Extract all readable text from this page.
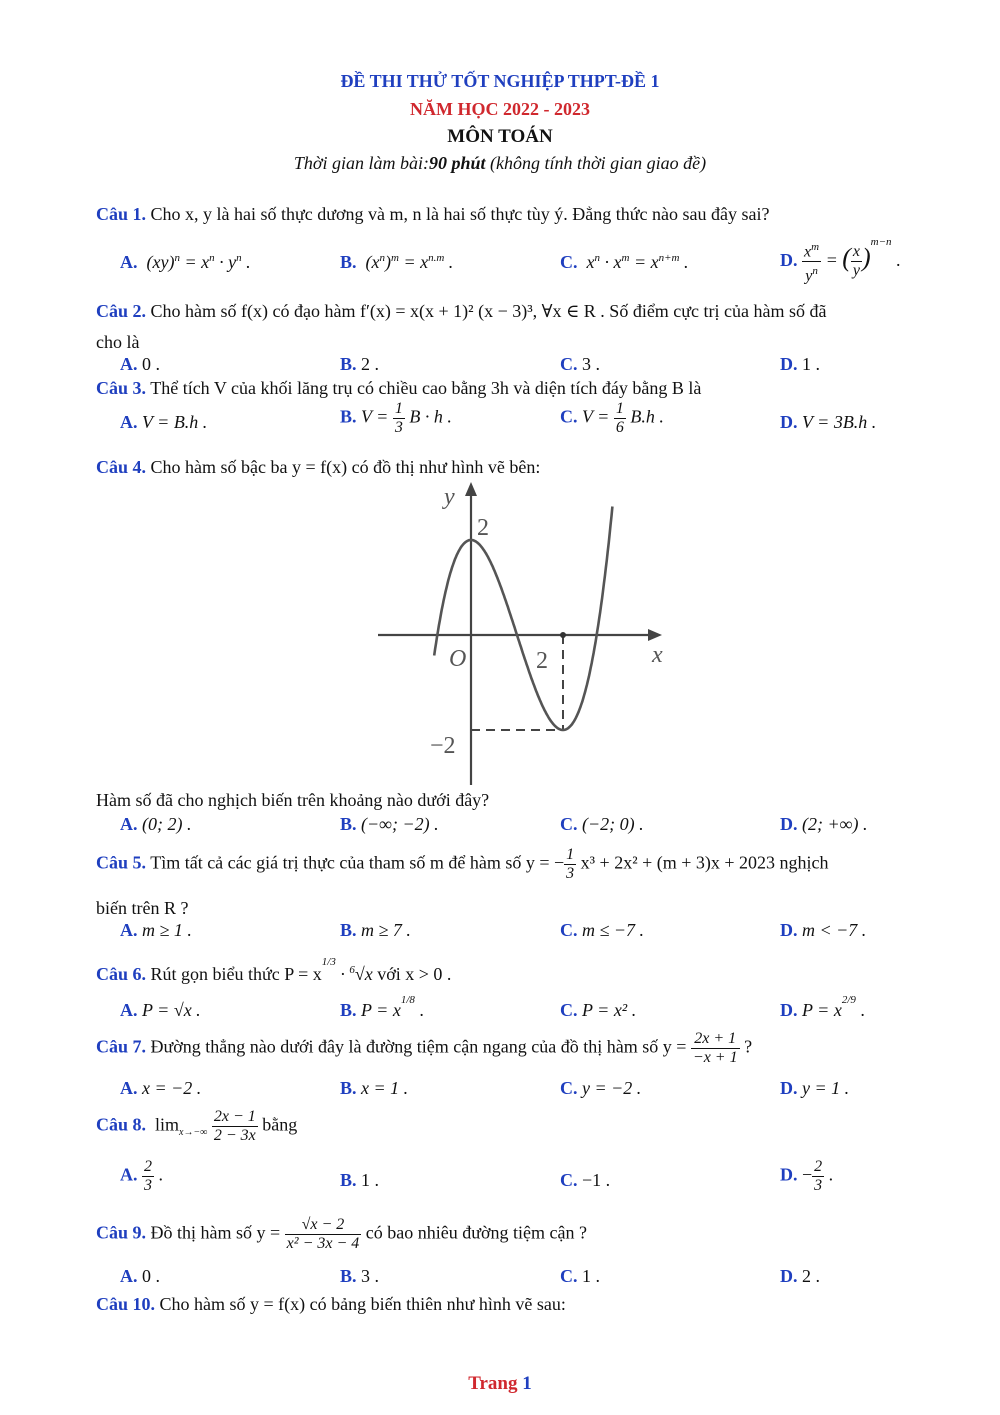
ĐỀ THI THỬ TỐT NGHIỆP THPT-ĐỀ 1
NĂM HỌC 2022 - 2023
MÔN TOÁN
Thời gian làm bài:90 phút (không tính thời gian giao đề)
Câu 1. Cho x, y là hai số thực dương và m, n là hai số thực tùy ý. Đẳng thức nào sau đây sai?
A.  $(xy)^n = x^n \cdot y^n$ .	B.  $(x^n)^m = x^{n.m}$ .	C.  $x^n \cdot x^m = x^{n+m}$ .	D. $\frac{x^m}{y^n}$ = ( $\frac{x}{y} )^{m-n}$ .
Câu 2. Cho hàm số f(x) có đạo hàm f′(x) = x(x + 1)² (x − 3)³, ∀x ∈ R . Số điểm cực trị của hàm số đã
cho là
A. 0 .	B. 2 .	C. 3 .	D. 1 .
Câu 3. Thể tích V của khối lăng trụ có chiều cao bằng 3h và diện tích đáy bằng B là
A. V = B.h .	B. $V = \frac{1}{3}$ B · h .	C. $V = \frac{1}{6} B.h$ .	D. V = 3B.h .
Câu 4. Cho hàm số bậc ba y = f(x) có đồ thị như hình vẽ bên:
y
x
O
2
2
−2
Hàm số đã cho nghịch biến trên khoảng nào dưới đây?
A. (0; 2) .	B. (−∞; −2) .	C. (−2; 0) .	D. (2; +∞) .
Câu 5. Tìm tất cả các giá trị thực của tham số m để hàm số y = − $\frac{1}{3} x^3 + 2x^2 + (m + 3)x + 2023$ nghịch
biến trên R ?
A. m ≥ 1 .	B. m ≥ 7 .	C. m ≤ −7 .	D. m < −7 .
Câu 6. Rút gọn biểu thức $P = x^{1/3} \cdot ^6√x$ với x > 0 .
A. P = √x .	B. $P = x^{1/8}$ .	C. P = x² .	D. $P = x^{2/9}$ .
Câu 7. Đường thẳng nào dưới đây là đường tiệm cận ngang của đồ thị hàm số $y = \frac{2x + 1}{-x + 1}$ ?
A. x = −2 .	B. x = 1 .	C. y = −2 .	D. y = 1 .
Câu 8. $\lim_{x\to-\infty} \frac{2x - 1}{2 - 3x}$ bằng
A. $\frac{2}{3}$ .	B. 1 .	C. −1 .	D. − $\frac{2}{3}$ .
Câu 9. Đồ thị hàm số $y = \frac{√x - 2}{\text{x² − 3x − 4}}$ có bao nhiêu đường tiệm cận ?
A. 0 .	B. 3 .	C. 1 .	D. 2 .
Câu 10. Cho hàm số y = f(x) có bảng biến thiên như hình vẽ sau:
Trang 1
